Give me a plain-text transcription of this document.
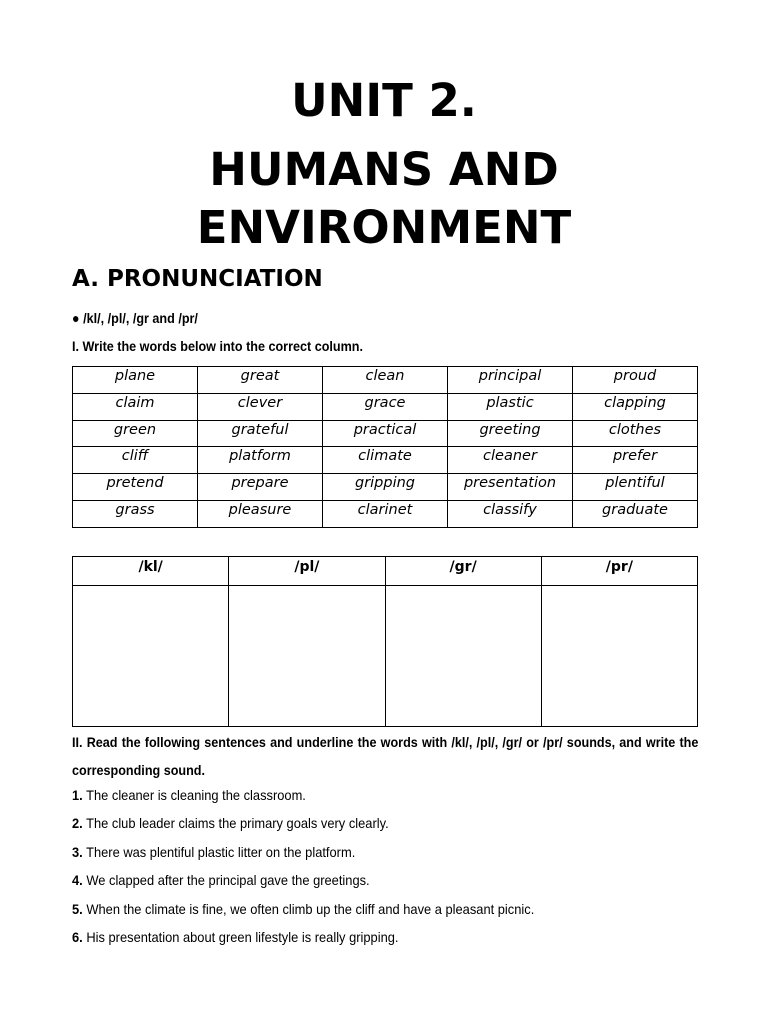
UNIT 2.
HUMANS AND
ENVIRONMENT
A. PRONUNCIATION
● /kl/, /pl/, /gr and /pr/
I. Write the words below into the correct column.
plane	great	clean	principal	proud
claim	clever	grace	plastic	clapping
green	grateful	practical	greeting	clothes
cliff	platform	climate	cleaner	prefer
pretend	prepare	gripping	presentation	plentiful
grass	pleasure	clarinet	classify	graduate
/kl/	/pl/	/gr/	/pr/

II. Read the following sentences and underline the words with /kl/, /pl/, /gr/ or /pr/ sounds, and write the corresponding sound.
1. The cleaner is cleaning the classroom.
2. The club leader claims the primary goals very clearly.
3. There was plentiful plastic litter on the platform.
4. We clapped after the principal gave the greetings.
5. When the climate is fine, we often climb up the cliff and have a pleasant picnic.
6. His presentation about green lifestyle is really gripping.
